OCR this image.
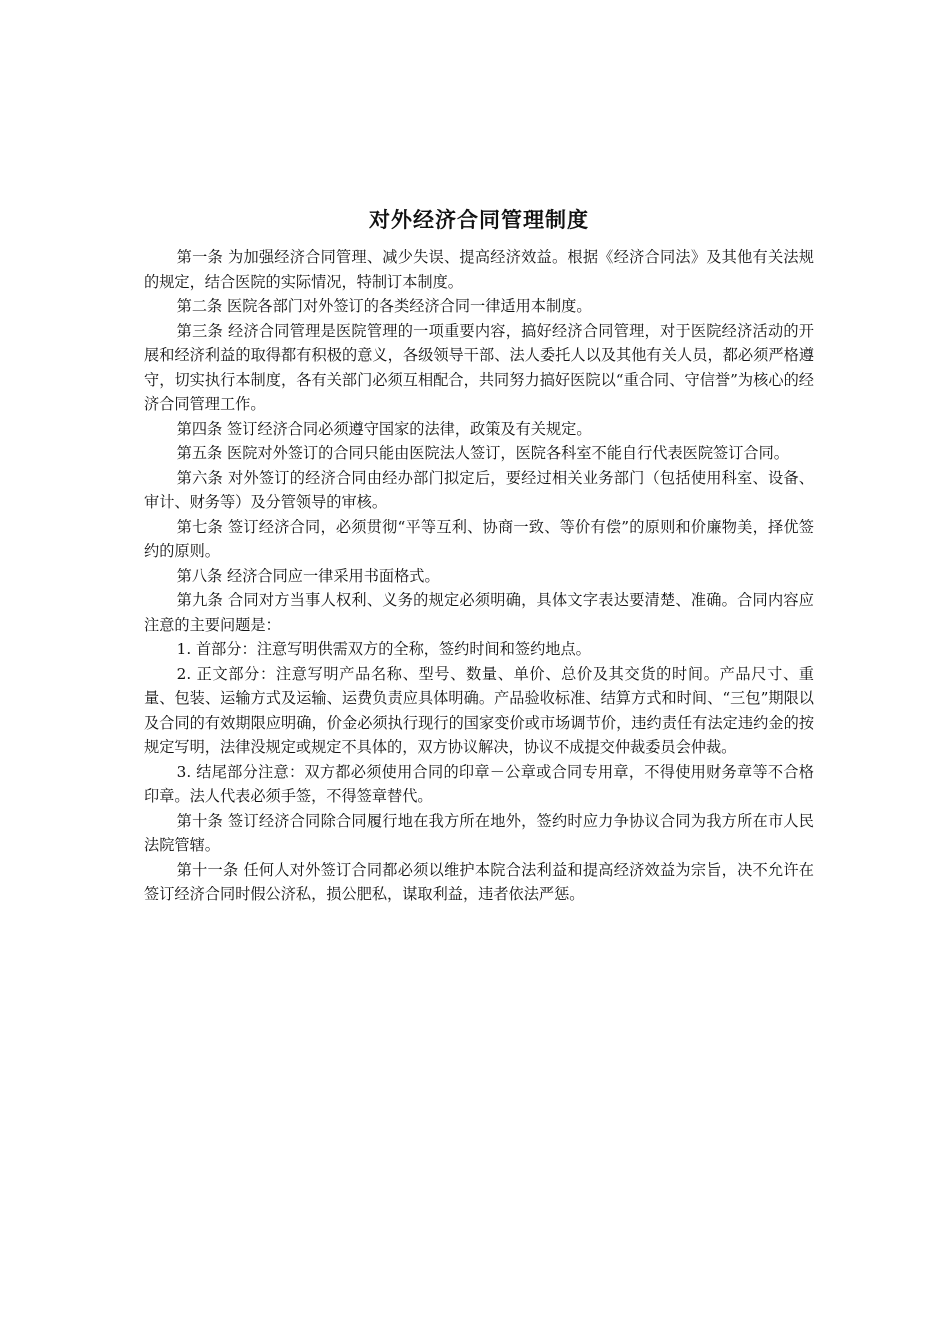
对外经济合同管理制度

第一条 为加强经济合同管理、减少失误、提高经济效益。根据《经济合同法》及其他有关法规的规定，结合医院的实际情况，特制订本制度。

第二条 医院各部门对外签订的各类经济合同一律适用本制度。

第三条 经济合同管理是医院管理的一项重要内容，搞好经济合同管理，对于医院经济活动的开展和经济利益的取得都有积极的意义，各级领导干部、法人委托人以及其他有关人员，都必须严格遵守，切实执行本制度，各有关部门必须互相配合，共同努力搞好医院以“重合同、守信誉”为核心的经济合同管理工作。

第四条 签订经济合同必须遵守国家的法律，政策及有关规定。

第五条 医院对外签订的合同只能由医院法人签订，医院各科室不能自行代表医院签订合同。

第六条 对外签订的经济合同由经办部门拟定后，要经过相关业务部门（包括使用科室、设备、审计、财务等）及分管领导的审核。

第七条 签订经济合同，必须贯彻“平等互利、协商一致、等价有偿”的原则和价廉物美，择优签约的原则。

第八条 经济合同应一律采用书面格式。

第九条 合同对方当事人权利、义务的规定必须明确，具体文字表达要清楚、准确。合同内容应注意的主要问题是：

1. 首部分：注意写明供需双方的全称，签约时间和签约地点。

2. 正文部分：注意写明产品名称、型号、数量、单价、总价及其交货的时间。产品尺寸、重量、包装、运输方式及运输、运费负责应具体明确。产品验收标准、结算方式和时间、“三包”期限以及合同的有效期限应明确，价金必须执行现行的国家变价或市场调节价，违约责任有法定违约金的按规定写明，法律没规定或规定不具体的，双方协议解决，协议不成提交仲裁委员会仲裁。

3. 结尾部分注意：双方都必须使用合同的印章－公章或合同专用章，不得使用财务章等不合格印章。法人代表必须手签，不得签章替代。

第十条 签订经济合同除合同履行地在我方所在地外，签约时应力争协议合同为我方所在市人民法院管辖。

第十一条 任何人对外签订合同都必须以维护本院合法利益和提高经济效益为宗旨，决不允许在签订经济合同时假公济私，损公肥私，谋取利益，违者依法严惩。
